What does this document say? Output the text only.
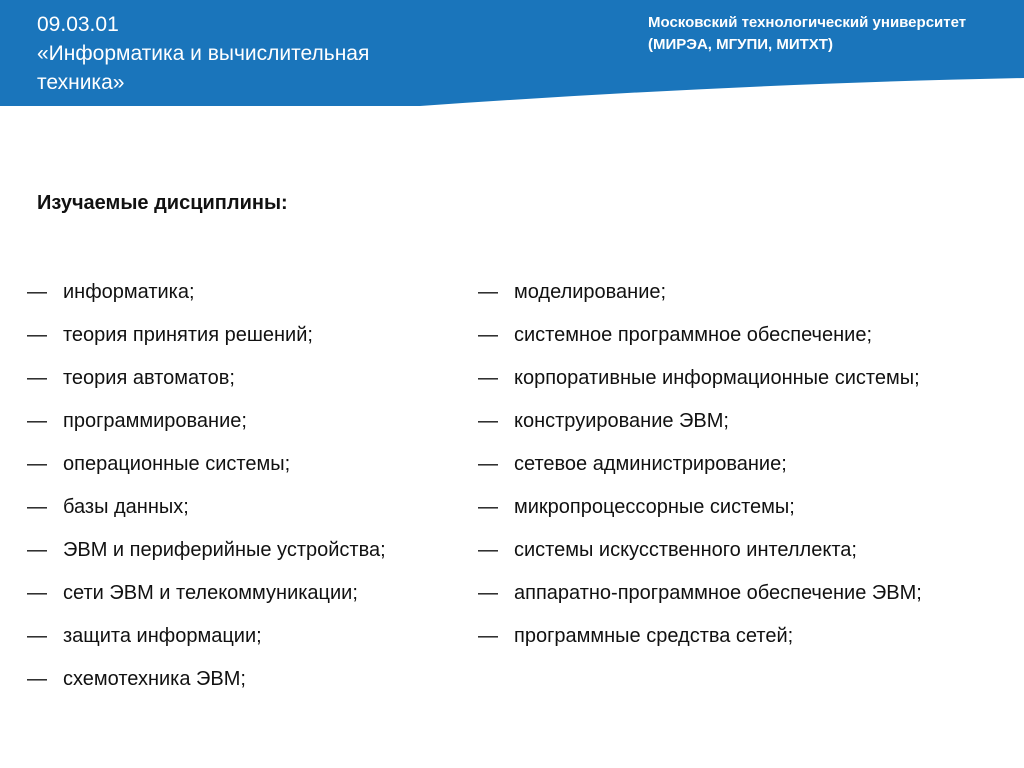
09.03.01
«Информатика и вычислительная
техника»
Московский технологический университет
(МИРЭА, МГУПИ, МИТХТ)
Изучаемые дисциплины:
— информатика;
— теория принятия решений;
— теория автоматов;
— программирование;
— операционные системы;
— базы данных;
— ЭВМ и периферийные устройства;
— сети ЭВМ и телекоммуникации;
— защита информации;
— схемотехника ЭВМ;
— моделирование;
— системное программное обеспечение;
— корпоративные информационные системы;
— конструирование ЭВМ;
— сетевое администрирование;
— микропроцессорные системы;
— системы искусственного интеллекта;
— аппаратно-программное обеспечение ЭВМ;
— программные средства сетей;
